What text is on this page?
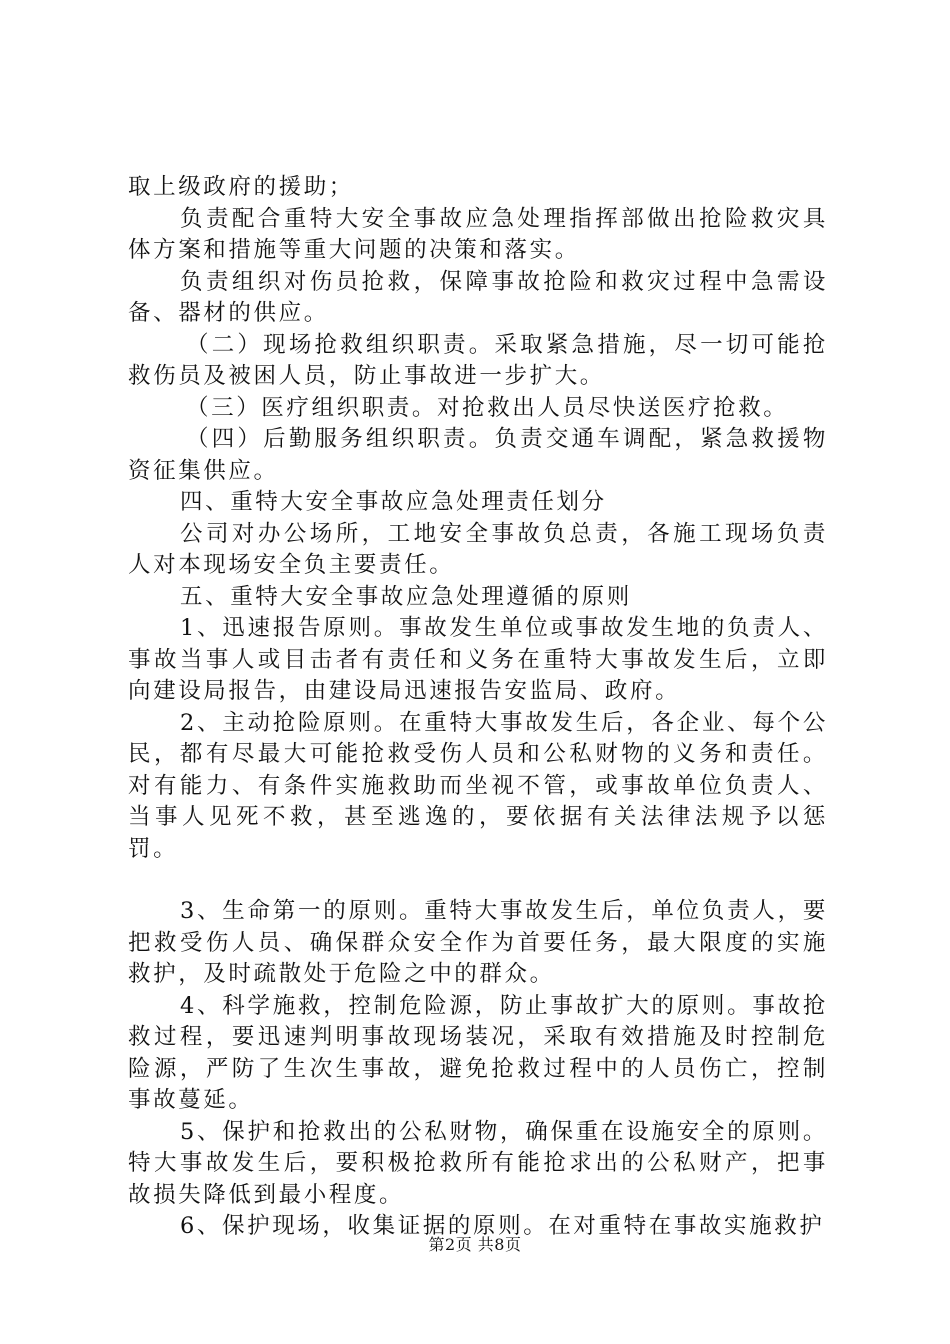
取上级政府的援助；

负责配合重特大安全事故应急处理指挥部做出抢险救灾具体方案和措施等重大问题的决策和落实。

负责组织对伤员抢救，保障事故抢险和救灾过程中急需设备、器材的供应。

（二）现场抢救组织职责。采取紧急措施，尽一切可能抢救伤员及被困人员，防止事故进一步扩大。

（三）医疗组织职责。对抢救出人员尽快送医疗抢救。

（四）后勤服务组织职责。负责交通车调配，紧急救援物资征集供应。

四、重特大安全事故应急处理责任划分

公司对办公场所，工地安全事故负总责，各施工现场负责人对本现场安全负主要责任。

五、重特大安全事故应急处理遵循的原则

1、迅速报告原则。事故发生单位或事故发生地的负责人、事故当事人或目击者有责任和义务在重特大事故发生后，立即向建设局报告，由建设局迅速报告安监局、政府。

2、主动抢险原则。在重特大事故发生后，各企业、每个公民，都有尽最大可能抢救受伤人员和公私财物的义务和责任。对有能力、有条件实施救助而坐视不管，或事故单位负责人、当事人见死不救，甚至逃逸的，要依据有关法律法规予以惩罚。

3、生命第一的原则。重特大事故发生后，单位负责人，要把救受伤人员、确保群众安全作为首要任务，最大限度的实施救护，及时疏散处于危险之中的群众。

4、科学施救，控制危险源，防止事故扩大的原则。事故抢救过程，要迅速判明事故现场装况，采取有效措施及时控制危险源，严防了生次生事故，避免抢救过程中的人员伤亡，控制事故蔓延。

5、保护和抢救出的公私财物，确保重在设施安全的原则。特大事故发生后，要积极抢救所有能抢求出的公私财产，把事故损失降低到最小程度。

6、保护现场，收集证据的原则。在对重特在事故实施救护

第2页 共8页
